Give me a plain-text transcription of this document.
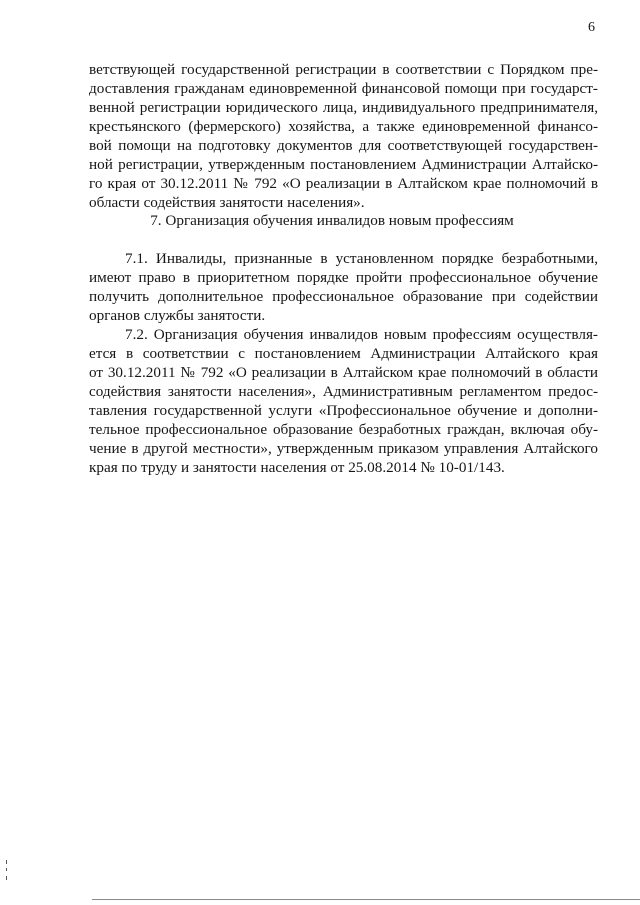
6
ветствующей государственной регистрации в соответствии с Порядком пре-
доставления гражданам единовременной финансовой помощи при государст-
венной регистрации юридического лица, индивидуального предпринимателя,
крестьянского (фермерского) хозяйства, а также единовременной финансо-
вой помощи на подготовку документов для соответствующей государствен-
ной регистрации, утвержденным постановлением Администрации Алтайско-
го края от 30.12.2011 № 792 «О реализации в Алтайском крае полномочий в
области содействия занятости населения».
7. Организация обучения инвалидов новым профессиям
7.1. Инвалиды, признанные в установленном порядке безработными,
имеют право в приоритетном порядке пройти профессиональное обучение
получить дополнительное профессиональное образование при содействии
органов службы занятости.
7.2. Организация обучения инвалидов новым профессиям осуществля-
ется в соответствии с постановлением Администрации Алтайского края
от 30.12.2011 № 792 «О реализации в Алтайском крае полномочий в области
содействия занятости населения», Административным регламентом предос-
тавления государственной услуги «Профессиональное обучение и дополни-
тельное профессиональное образование безработных граждан, включая обу-
чение в другой местности», утвержденным приказом управления Алтайского
края по труду и занятости населения от 25.08.2014 № 10-01/143.
